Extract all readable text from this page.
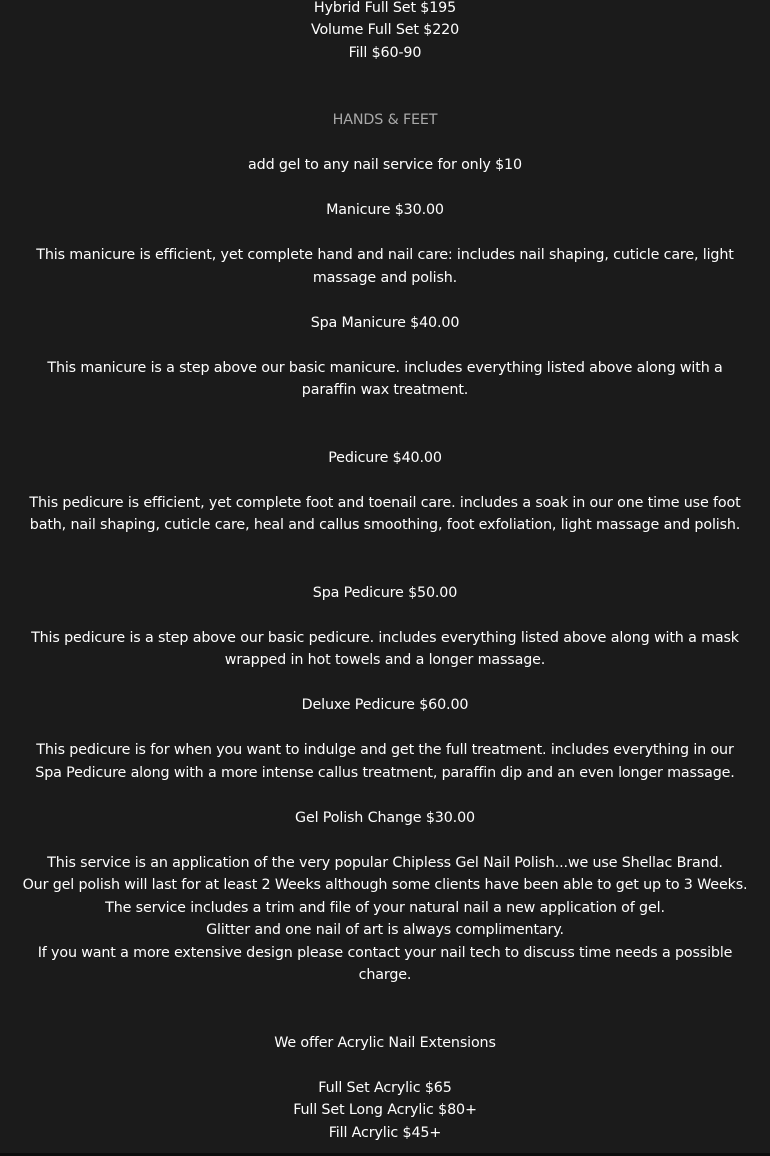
Hybrid Full Set $195
Volume Full Set $220
Fill $60-90
HANDS & FEET
add gel to any nail service for only $10
Manicure $30.00

This manicure is efficient, yet complete hand and nail care: includes nail shaping, cuticle care, light massage and polish.

Spa Manicure $40.00

This manicure is a step above our basic manicure. includes everything listed above along with a paraffin wax treatment.

Pedicure $40.00

This pedicure is efficient, yet complete foot and toenail care. includes a soak in our one time use foot bath, nail shaping, cuticle care, heal and callus smoothing, foot exfoliation, light massage and polish.

Spa Pedicure $50.00

This pedicure is a step above our basic pedicure. includes everything listed above along with a mask wrapped in hot towels and a longer massage.

Deluxe Pedicure $60.00

This pedicure is for when you want to indulge and get the full treatment. includes everything in our Spa Pedicure along with a more intense callus treatment, paraffin dip and an even longer massage.

Gel Polish Change $30.00
This service is an application of the very popular Chipless Gel Nail Polish...we use Shellac Brand.
Our gel polish will last for at least 2 Weeks although some clients have been able to get up to 3 Weeks.
The service includes a trim and file of your natural nail a new application of gel.
Glitter and one nail of art is always complimentary.

If you want a more extensive design please contact your nail tech to discuss time needs a possible charge.

We offer Acrylic Nail Extensions
Full Set Acrylic $65
Full Set Long Acrylic $80+
Fill Acrylic $45+
